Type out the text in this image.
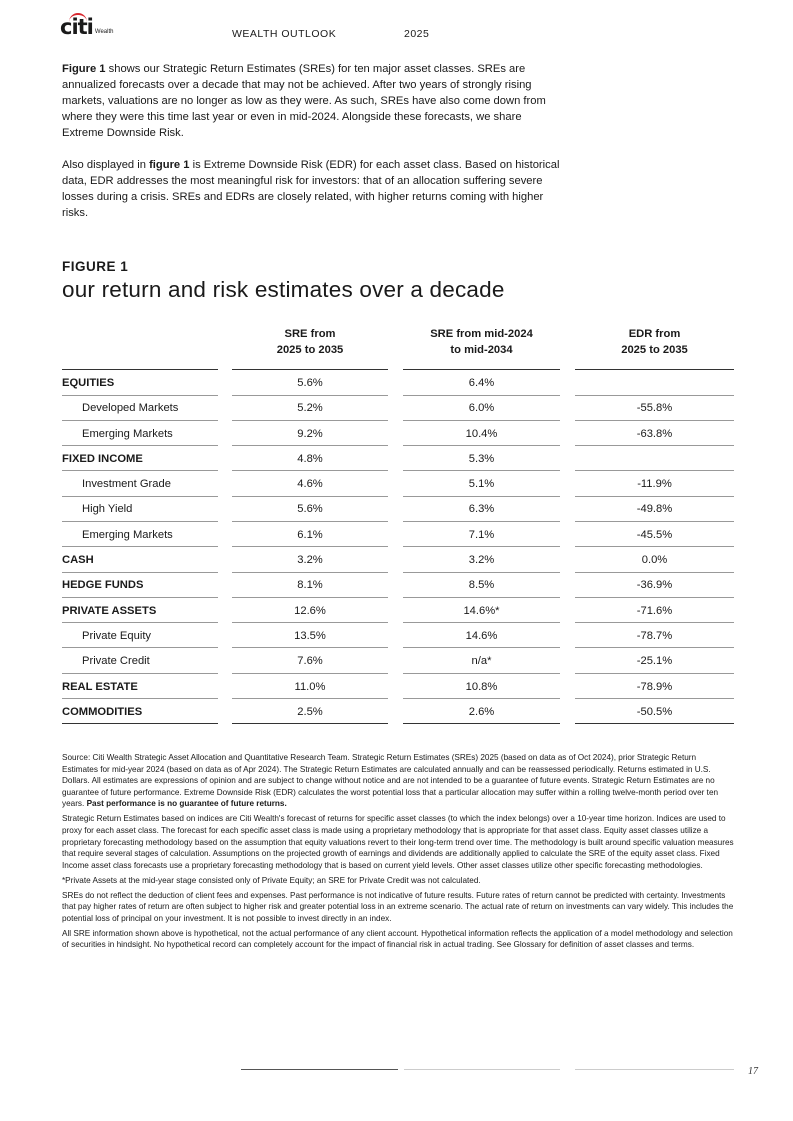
citi Wealth	WEALTH OUTLOOK	2025

Figure 1 shows our Strategic Return Estimates (SREs) for ten major asset classes. SREs are annualized forecasts over a decade that may not be achieved. After two years of strongly rising markets, valuations are no longer as low as they were. As such, SREs have also come down from where they were this time last year or even in mid-2024. Alongside these forecasts, we share Extreme Downside Risk.

Also displayed in figure 1 is Extreme Downside Risk (EDR) for each asset class. Based on historical data, EDR addresses the most meaningful risk for investors: that of an allocation suffering severe losses during a crisis. SREs and EDRs are closely related, with higher returns coming with higher risks.

FIGURE 1
our return and risk estimates over a decade
SRE from
2025 to 2035
SRE from mid-2024
to mid-2034
EDR from
2025 to 2035
EQUITIES	5.6%	6.4%
Developed Markets	5.2%	6.0%	-55.8%
Emerging Markets	9.2%	10.4%	-63.8%
FIXED INCOME	4.8%	5.3%
Investment Grade	4.6%	5.1%	-11.9%
High Yield	5.6%	6.3%	-49.8%
Emerging Markets	6.1%	7.1%	-45.5%
CASH	3.2%	3.2%	0.0%
HEDGE FUNDS	8.1%	8.5%	-36.9%
PRIVATE ASSETS	12.6%	14.6%*	-71.6%
Private Equity	13.5%	14.6%	-78.7%
Private Credit	7.6%	n/a*	-25.1%
REAL ESTATE	11.0%	10.8%	-78.9%
COMMODITIES	2.5%	2.6%	-50.5%

Source: Citi Wealth Strategic Asset Allocation and Quantitative Research Team. Strategic Return Estimates (SREs) 2025 (based on data as of Oct 2024), prior Strategic Return Estimates for mid-year 2024 (based on data as of Apr 2024). The Strategic Return Estimates are calculated annually and can be reassessed periodically. Returns estimated in U.S. Dollars. All estimates are expressions of opinion and are subject to change without notice and are not intended to be a guarantee of future events. Strategic Return Estimates are no guarantee of future performance. Extreme Downside Risk (EDR) calculates the worst potential loss that a particular allocation may suffer within a rolling twelve-month period over ten years. Past performance is no guarantee of future returns.

Strategic Return Estimates based on indices are Citi Wealth's forecast of returns for specific asset classes (to which the index belongs) over a 10-year time horizon. Indices are used to proxy for each asset class. The forecast for each specific asset class is made using a proprietary methodology that is appropriate for that asset class. Equity asset classes utilize a proprietary forecasting methodology based on the assumption that equity valuations revert to their long-term trend over time. The methodology is built around specific valuation measures that require several stages of calculation. Assumptions on the projected growth of earnings and dividends are additionally applied to calculate the SRE of the equity asset class. Fixed Income asset class forecasts use a proprietary forecasting methodology that is based on current yield levels. Other asset classes utilize other specific forecasting methodologies.

*Private Assets at the mid-year stage consisted only of Private Equity; an SRE for Private Credit was not calculated.

SREs do not reflect the deduction of client fees and expenses. Past performance is not indicative of future results. Future rates of return cannot be predicted with certainty. Investments that pay higher rates of return are often subject to higher risk and greater potential loss in an extreme scenario. The actual rate of return on investments can vary widely. This includes the potential loss of principal on your investment. It is not possible to invest directly in an index.

All SRE information shown above is hypothetical, not the actual performance of any client account. Hypothetical information reflects the application of a model methodology and selection of securities in hindsight. No hypothetical record can completely account for the impact of financial risk in actual trading. See Glossary for definition of asset classes and terms.

17
